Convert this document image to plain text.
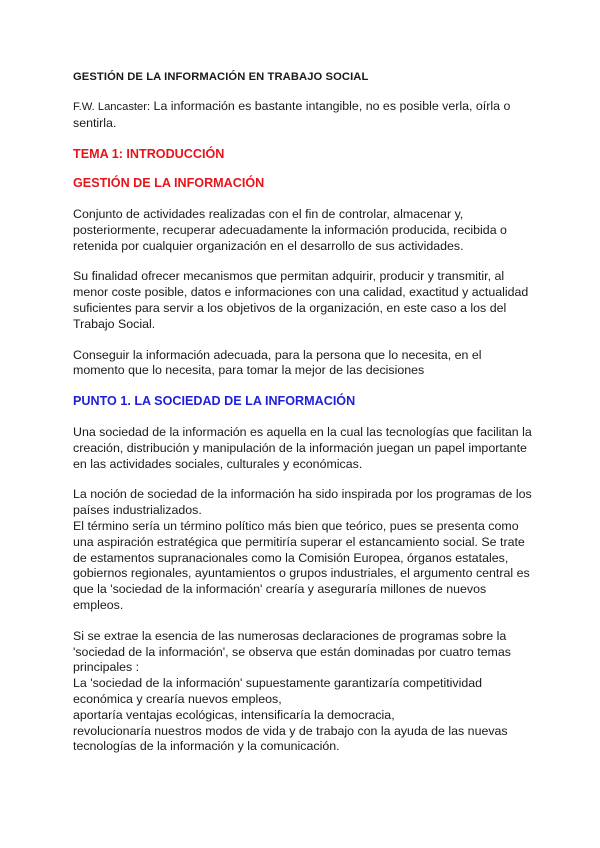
GESTIÓN DE LA INFORMACIÓN EN TRABAJO SOCIAL

F.W. Lancaster: La información es bastante intangible, no es posible verla, oírla o sentirla.

TEMA 1: INTRODUCCIÓN

GESTIÓN DE LA INFORMACIÓN

Conjunto de actividades realizadas con el fin de controlar, almacenar y, posteriormente, recuperar adecuadamente la información producida, recibida o retenida por cualquier organización en el desarrollo de sus actividades.

Su finalidad ofrecer mecanismos que permitan adquirir, producir y transmitir, al menor coste posible, datos e informaciones con una calidad, exactitud y actualidad suficientes para servir a los objetivos de la organización, en este caso a los del Trabajo Social.

Conseguir la información adecuada, para la persona que lo necesita, en el momento que lo necesita, para tomar la mejor de las decisiones

PUNTO 1. LA SOCIEDAD DE LA INFORMACIÓN

Una sociedad de la información es aquella en la cual las tecnologías que facilitan la creación, distribución y manipulación de la información juegan un papel importante en las actividades sociales, culturales y económicas.

La noción de sociedad de la información ha sido inspirada por los programas de los países industrializados.

El término sería un término político más bien que teórico, pues se presenta como una aspiración estratégica que permitiría superar el estancamiento social. Se trate de estamentos supranacionales como la Comisión Europea, órganos estatales, gobiernos regionales, ayuntamientos o grupos industriales, el argumento central es que la 'sociedad de la información' crearía y aseguraría millones de nuevos empleos.

Si se extrae la esencia de las numerosas declaraciones de programas sobre la 'sociedad de la información', se observa que están dominadas por cuatro temas principales :

La 'sociedad de la información' supuestamente garantizaría competitividad económica y crearía nuevos empleos,

aportaría ventajas ecológicas, intensificaría la democracia,

revolucionaría nuestros modos de vida y de trabajo con la ayuda de las nuevas tecnologías de la información y la comunicación.
